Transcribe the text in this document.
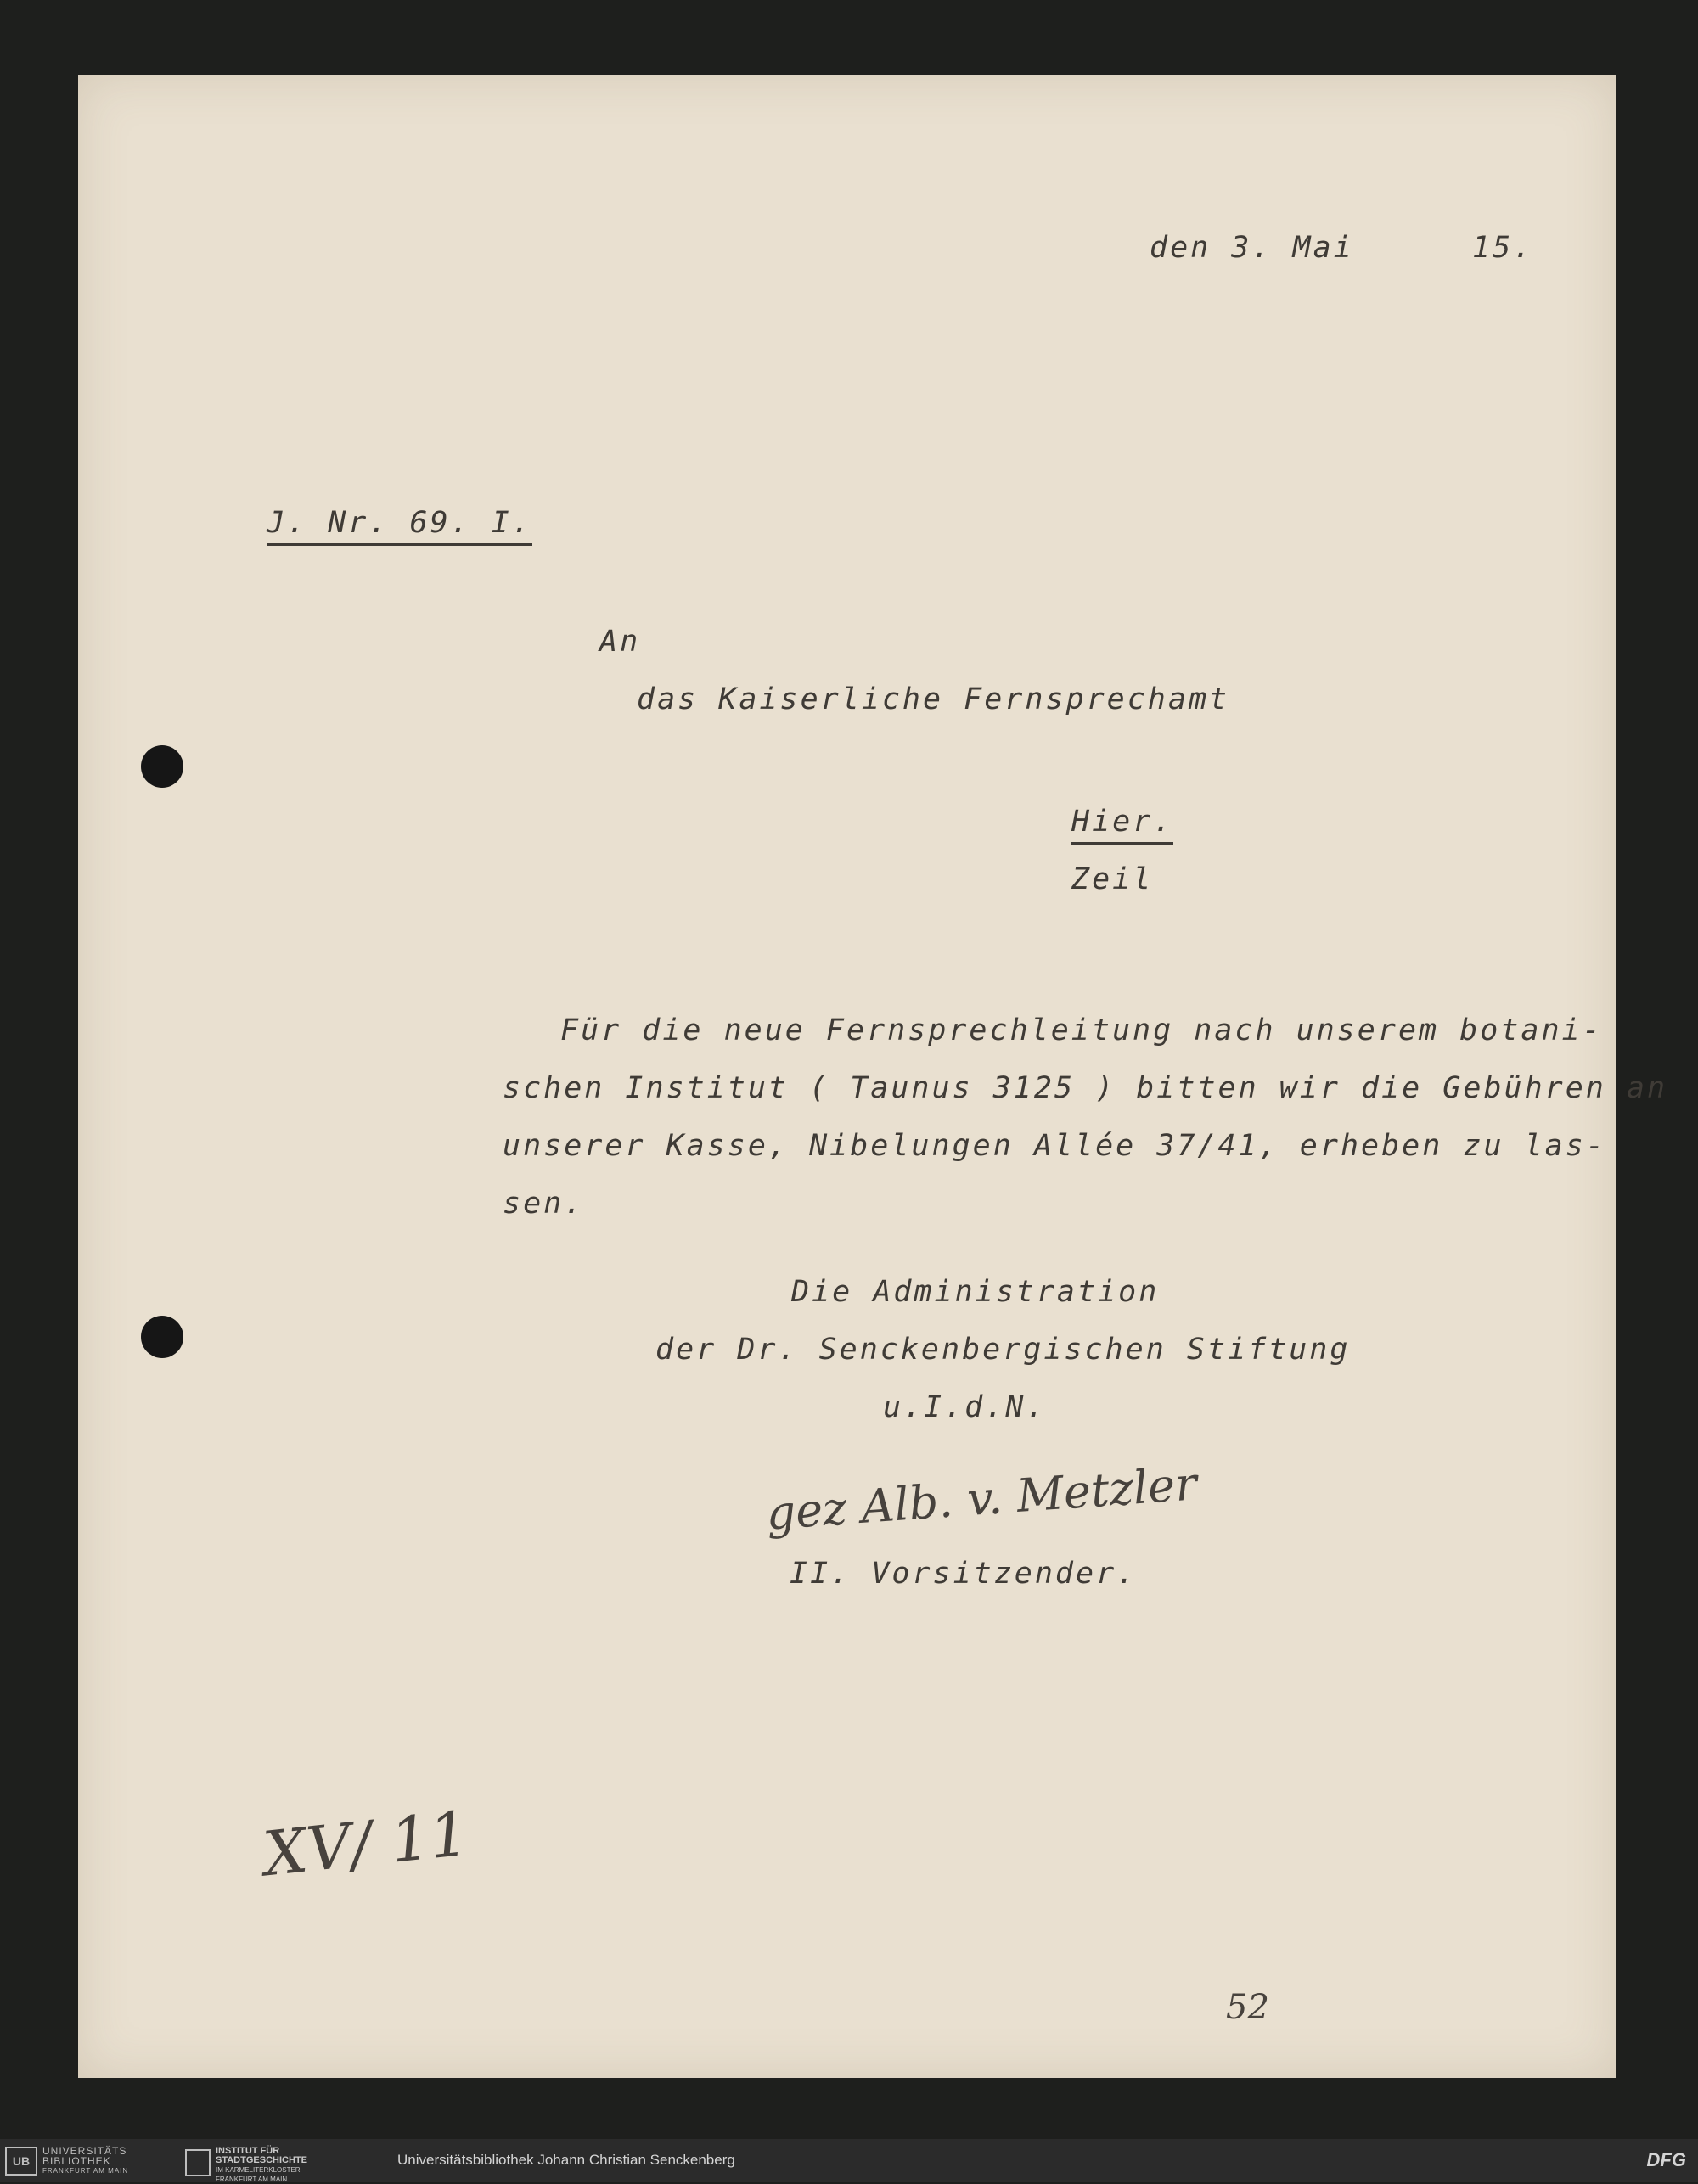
den 3. Mai	15.
J. Nr. 69. I.
An
das Kaiserliche Fernsprechamt
Hier.
Zeil
Für die neue Fernsprechleitung nach unserem botani-
schen Institut ( Taunus 3125 ) bitten wir die Gebühren an
unserer Kasse, Nibelungen Allée 37/41, erheben zu las-
sen.
Die Administration
der Dr. Senckenbergischen Stiftung
u.I.d.N.
gez Alb. v. Metzler
II. Vorsitzender.
XV/ 11
52
UB
UNIVERSITÄTS
BIBLIOTHEK
FRANKFURT AM MAIN
INSTITUT FÜR
STADTGESCHICHTE
IM KARMELITERKLOSTER
FRANKFURT AM MAIN
Universitätsbibliothek Johann Christian Senckenberg	DFG
